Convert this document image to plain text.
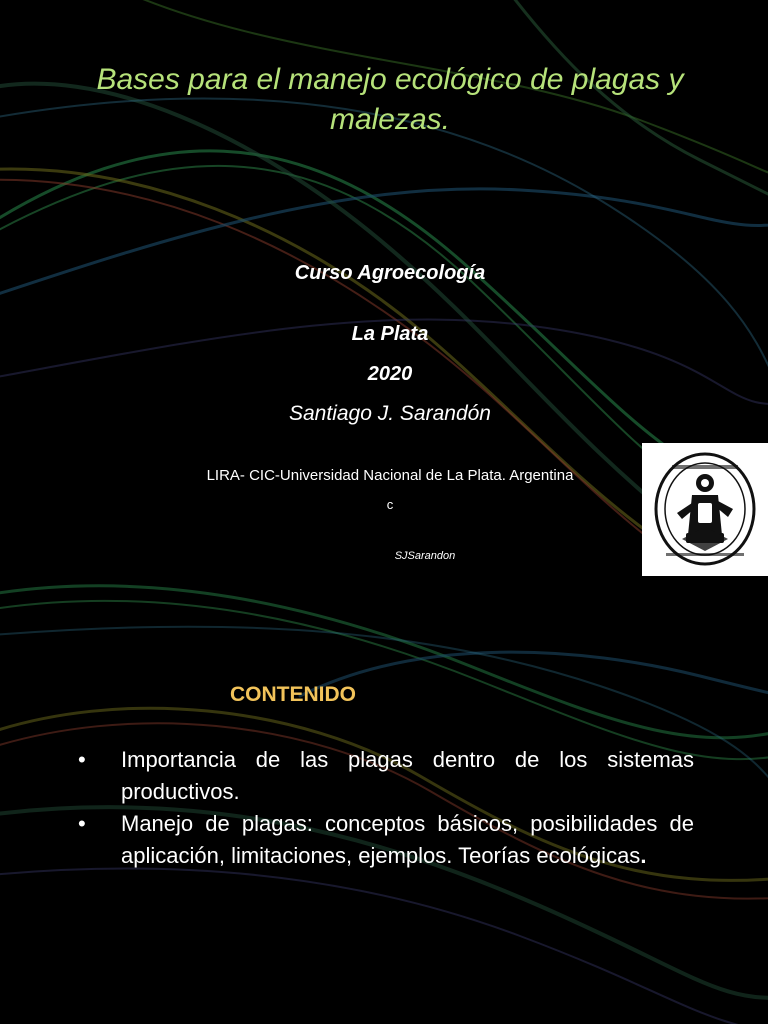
Bases para el manejo ecológico de plagas y malezas.
Curso Agroecología
La Plata
2020
Santiago J. Sarandón
LIRA- CIC-Universidad Nacional de La Plata. Argentina
c
SJSarandon
CONTENIDO
• Importancia de las plagas dentro de los sistemas productivos.
• Manejo de plagas: conceptos básicos, posibilidades de aplicación, limitaciones, ejemplos. Teorías ecológicas.
